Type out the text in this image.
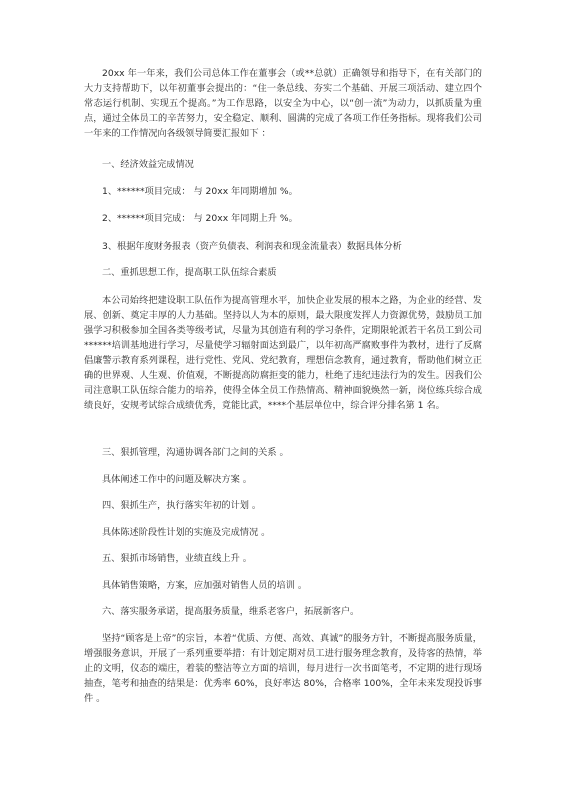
20xx 年一年来，我们公司总体工作在董事会（或**总就）正确领导和指导下，在有关部门的大力支持帮助下，以年初董事会提出的：“住一条总线、夯实二个基础、开展三项活动、建立四个常态运行机制、实现五个提高。”为工作思路，以安全为中心，以“创一流”为动力，以抓质量为重点，通过全体员工的辛苦努力，安全稳定、顺利、圆满的完成了各项工作任务指标。现将我们公司一年来的工作情况向各级领导简要汇报如下 ：

一、经济效益完成情况

1、******项目完成： 与 20xx 年同期增加 %。

2、******项目完成： 与 20xx 年同期上升 %。

3、根据年度财务报表（资产负债表、利润表和现金流量表）数据具体分析

二、重抓思想工作，提高职工队伍综合素质

本公司始终把建设职工队伍作为提高管理水平，加快企业发展的根本之路，为企业的经营、发展、创新、奠定丰厚的人力基础。坚持以人为本的原则，最大限度发挥人力资源优势，鼓励员工加强学习积极参加全国各类等级考试，尽量为其创造有利的学习条件，定期限轮派若干名员工到公司******培训基地进行学习，尽量使学习辐射面达到最广，以年初高严腐败事件为教材，进行了反腐倡廉警示教育系列课程，进行党性、党风、党纪教育，理想信念教育，通过教育，帮助他们树立正确的世界观、人生观、价值观，不断提高防腐拒变的能力，杜绝了违纪违法行为的发生。因我们公司注意职工队伍综合能力的培养，使得全体全员工作热情高、精神面貌焕然一新，岗位练兵综合成绩良好，安规考试综合成绩优秀，竟能比武，****个基层单位中，综合评分排名第 1 名。

三、狠抓管理，沟通协调各部门之间的关系 。

具体阐述工作中的问题及解决方案 。

四、狠抓生产，执行落实年初的计划 。

具体陈述阶段性计划的实施及完成情况 。

五、狠抓市场销售，业绩直线上升 。

具体销售策略，方案，应加强对销售人员的培训 。

六、落实服务承诺，提高服务质量，维系老客户，拓展新客户。

坚持“顾客是上帝”的宗旨，本着“优质、方便、高效、真诚”的服务方针，不断提高服务质量，增强服务意识，开展了一系列重要举措：有计划定期对员工进行服务理念教育，及待客的热情，举止的文明，仪态的端庄，着装的整洁等立方面的培训，每月进行一次书面笔考，不定期的进行现场抽查，笔考和抽查的结果是：优秀率 60%，良好率达 80%，合格率 100%，全年未来发现投诉事件 。
